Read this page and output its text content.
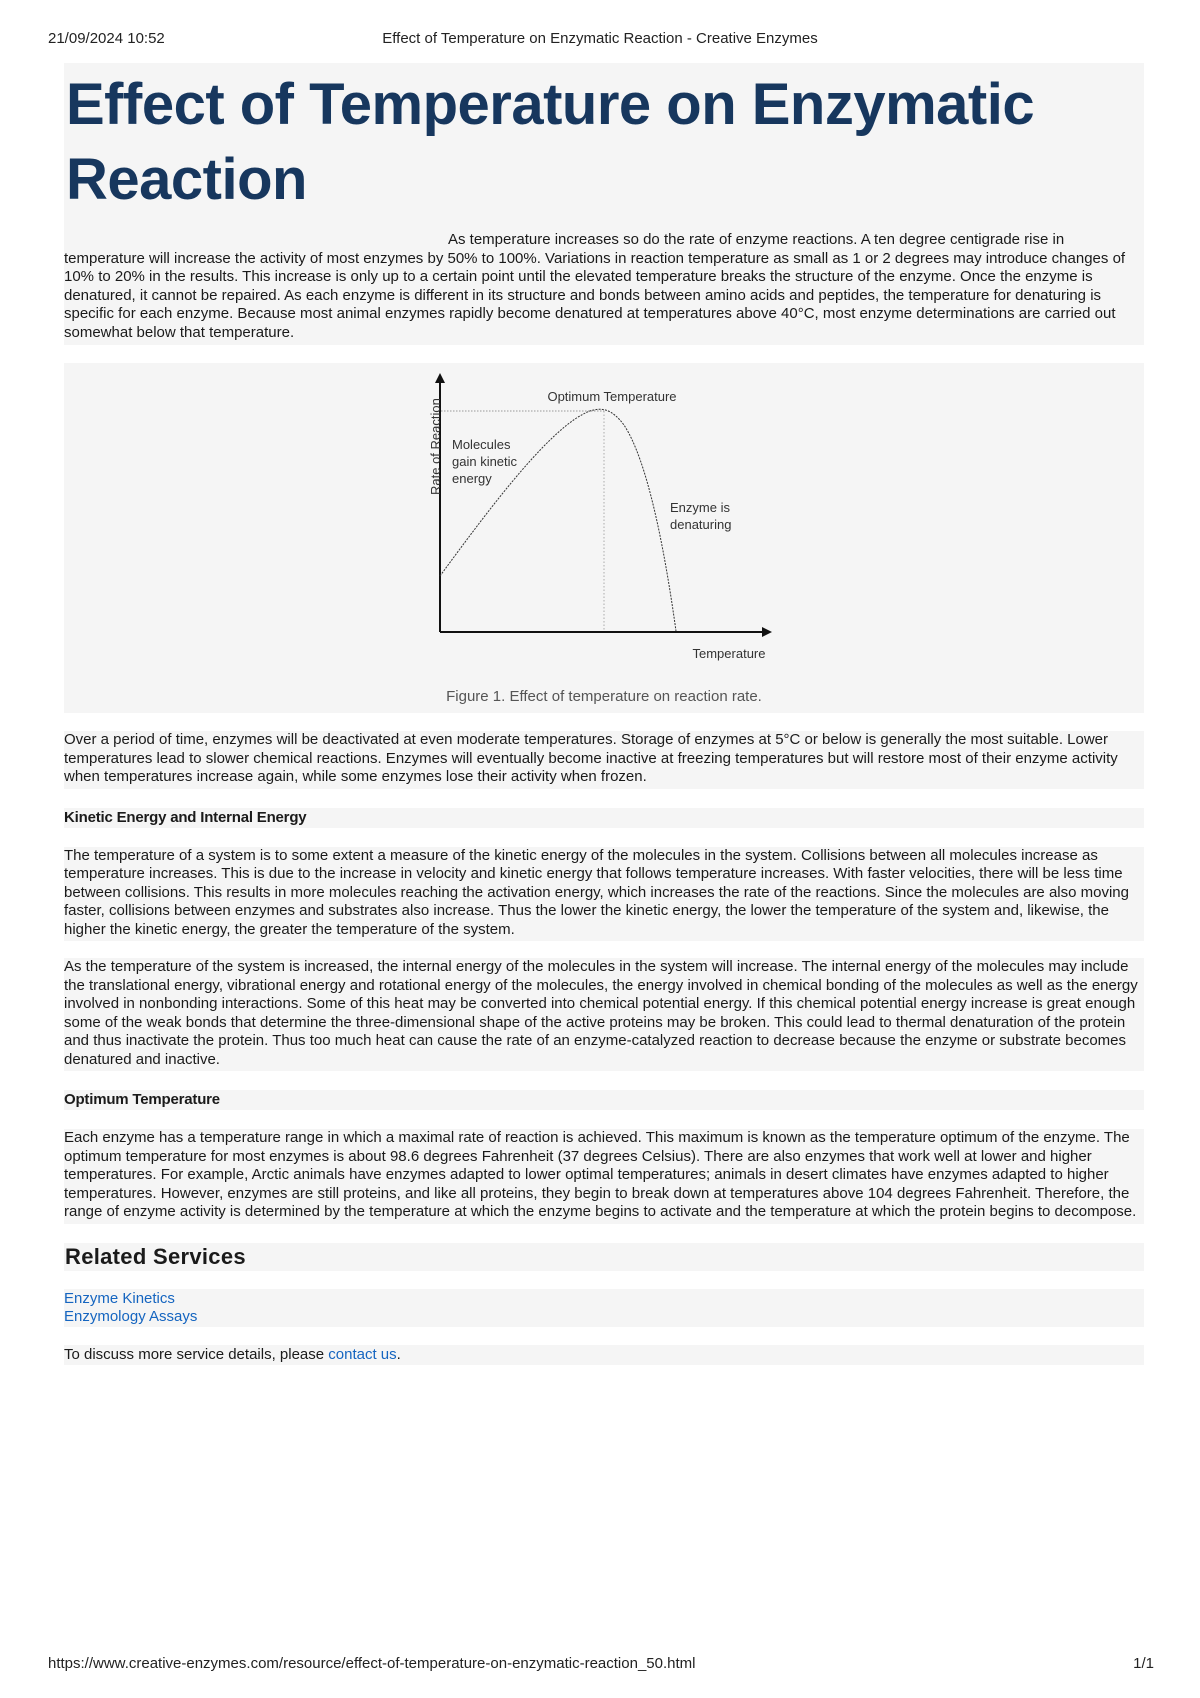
21/09/2024 10:52	Effect of Temperature on Enzymatic Reaction - Creative Enzymes
Effect of Temperature on Enzymatic Reaction

As temperature increases so do the rate of enzyme reactions. A ten degree centigrade rise in temperature will increase the activity of most enzymes by 50% to 100%. Variations in reaction temperature as small as 1 or 2 degrees may introduce changes of 10% to 20% in the results. This increase is only up to a certain point until the elevated temperature breaks the structure of the enzyme. Once the enzyme is denatured, it cannot be repaired. As each enzyme is different in its structure and bonds between amino acids and peptides, the temperature for denaturing is specific for each enzyme. Because most animal enzymes rapidly become denatured at temperatures above 40°C, most enzyme determinations are carried out somewhat below that temperature.

Rate of Reaction
Temperature
Optimum Temperature
Molecules
gain kinetic
energy
Enzyme is
denaturing
Figure 1. Effect of temperature on reaction rate.

Over a period of time, enzymes will be deactivated at even moderate temperatures. Storage of enzymes at 5°C or below is generally the most suitable. Lower temperatures lead to slower chemical reactions. Enzymes will eventually become inactive at freezing temperatures but will restore most of their enzyme activity when temperatures increase again, while some enzymes lose their activity when frozen.

Kinetic Energy and Internal Energy

The temperature of a system is to some extent a measure of the kinetic energy of the molecules in the system. Collisions between all molecules increase as temperature increases. This is due to the increase in velocity and kinetic energy that follows temperature increases. With faster velocities, there will be less time between collisions. This results in more molecules reaching the activation energy, which increases the rate of the reactions. Since the molecules are also moving faster, collisions between enzymes and substrates also increase. Thus the lower the kinetic energy, the lower the temperature of the system and, likewise, the higher the kinetic energy, the greater the temperature of the system.

As the temperature of the system is increased, the internal energy of the molecules in the system will increase. The internal energy of the molecules may include the translational energy, vibrational energy and rotational energy of the molecules, the energy involved in chemical bonding of the molecules as well as the energy involved in nonbonding interactions. Some of this heat may be converted into chemical potential energy. If this chemical potential energy increase is great enough some of the weak bonds that determine the three-dimensional shape of the active proteins may be broken. This could lead to thermal denaturation of the protein and thus inactivate the protein. Thus too much heat can cause the rate of an enzyme-catalyzed reaction to decrease because the enzyme or substrate becomes denatured and inactive.

Optimum Temperature

Each enzyme has a temperature range in which a maximal rate of reaction is achieved. This maximum is known as the temperature optimum of the enzyme. The optimum temperature for most enzymes is about 98.6 degrees Fahrenheit (37 degrees Celsius). There are also enzymes that work well at lower and higher temperatures. For example, Arctic animals have enzymes adapted to lower optimal temperatures; animals in desert climates have enzymes adapted to higher temperatures. However, enzymes are still proteins, and like all proteins, they begin to break down at temperatures above 104 degrees Fahrenheit. Therefore, the range of enzyme activity is determined by the temperature at which the enzyme begins to activate and the temperature at which the protein begins to decompose.

Related Services
Enzyme Kinetics
Enzymology Assays
To discuss more service details, please contact us.
https://www.creative-enzymes.com/resource/effect-of-temperature-on-enzymatic-reaction_50.html	1/1
